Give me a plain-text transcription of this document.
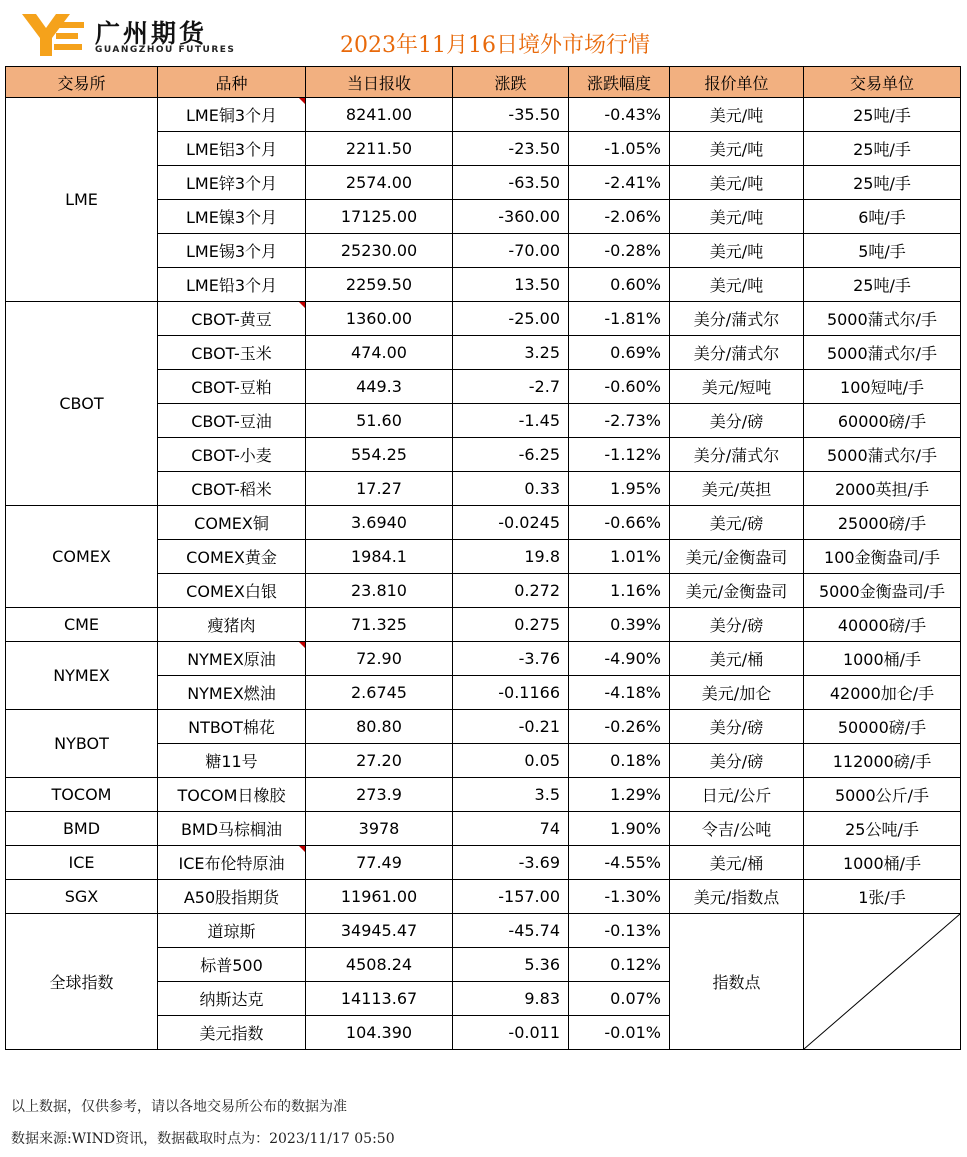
广州期货
GUANGZHOU FUTURES	2023年11月16日境外市场行情
交易所	品种	当日报收	涨跌	涨跌幅度	报价单位	交易单位
LME	LME铜3个月	8241.00	-35.50	-0.43%	美元/吨	25吨/手
	LME铝3个月	2211.50	-23.50	-1.05%	美元/吨	25吨/手
	LME锌3个月	2574.00	-63.50	-2.41%	美元/吨	25吨/手
	LME镍3个月	17125.00	-360.00	-2.06%	美元/吨	6吨/手
	LME锡3个月	25230.00	-70.00	-0.28%	美元/吨	5吨/手
	LME铅3个月	2259.50	13.50	0.60%	美元/吨	25吨/手
CBOT	CBOT-黄豆	1360.00	-25.00	-1.81%	美分/蒲式尔	5000蒲式尔/手
	CBOT-玉米	474.00	3.25	0.69%	美分/蒲式尔	5000蒲式尔/手
	CBOT-豆粕	449.3	-2.7	-0.60%	美元/短吨	100短吨/手
	CBOT-豆油	51.60	-1.45	-2.73%	美分/磅	60000磅/手
	CBOT-小麦	554.25	-6.25	-1.12%	美分/蒲式尔	5000蒲式尔/手
	CBOT-稻米	17.27	0.33	1.95%	美元/英担	2000英担/手
COMEX	COMEX铜	3.6940	-0.0245	-0.66%	美元/磅	25000磅/手
	COMEX黄金	1984.1	19.8	1.01%	美元/金衡盎司	100金衡盎司/手
	COMEX白银	23.810	0.272	1.16%	美元/金衡盎司	5000金衡盎司/手
CME	瘦猪肉	71.325	0.275	0.39%	美分/磅	40000磅/手
NYMEX	NYMEX原油	72.90	-3.76	-4.90%	美元/桶	1000桶/手
	NYMEX燃油	2.6745	-0.1166	-4.18%	美元/加仑	42000加仑/手
NYBOT	NTBOT棉花	80.80	-0.21	-0.26%	美分/磅	50000磅/手
	糖11号	27.20	0.05	0.18%	美分/磅	112000磅/手
TOCOM	TOCOM日橡胶	273.9	3.5	1.29%	日元/公斤	5000公斤/手
BMD	BMD马棕榈油	3978	74	1.90%	令吉/公吨	25公吨/手
ICE	ICE布伦特原油	77.49	-3.69	-4.55%	美元/桶	1000桶/手
SGX	A50股指期货	11961.00	-157.00	-1.30%	美元/指数点	1张/手
全球指数	道琼斯	34945.47	-45.74	-0.13%	指数点	

	标普500	4508.24	5.36	0.12%		
	纳斯达克	14113.67	9.83	0.07%		
	美元指数	104.390	-0.011	-0.01%		
以上数据，仅供参考，请以各地交易所公布的数据为准
数据来源:WIND资讯，数据截取时点为：2023/11/17 05:50
